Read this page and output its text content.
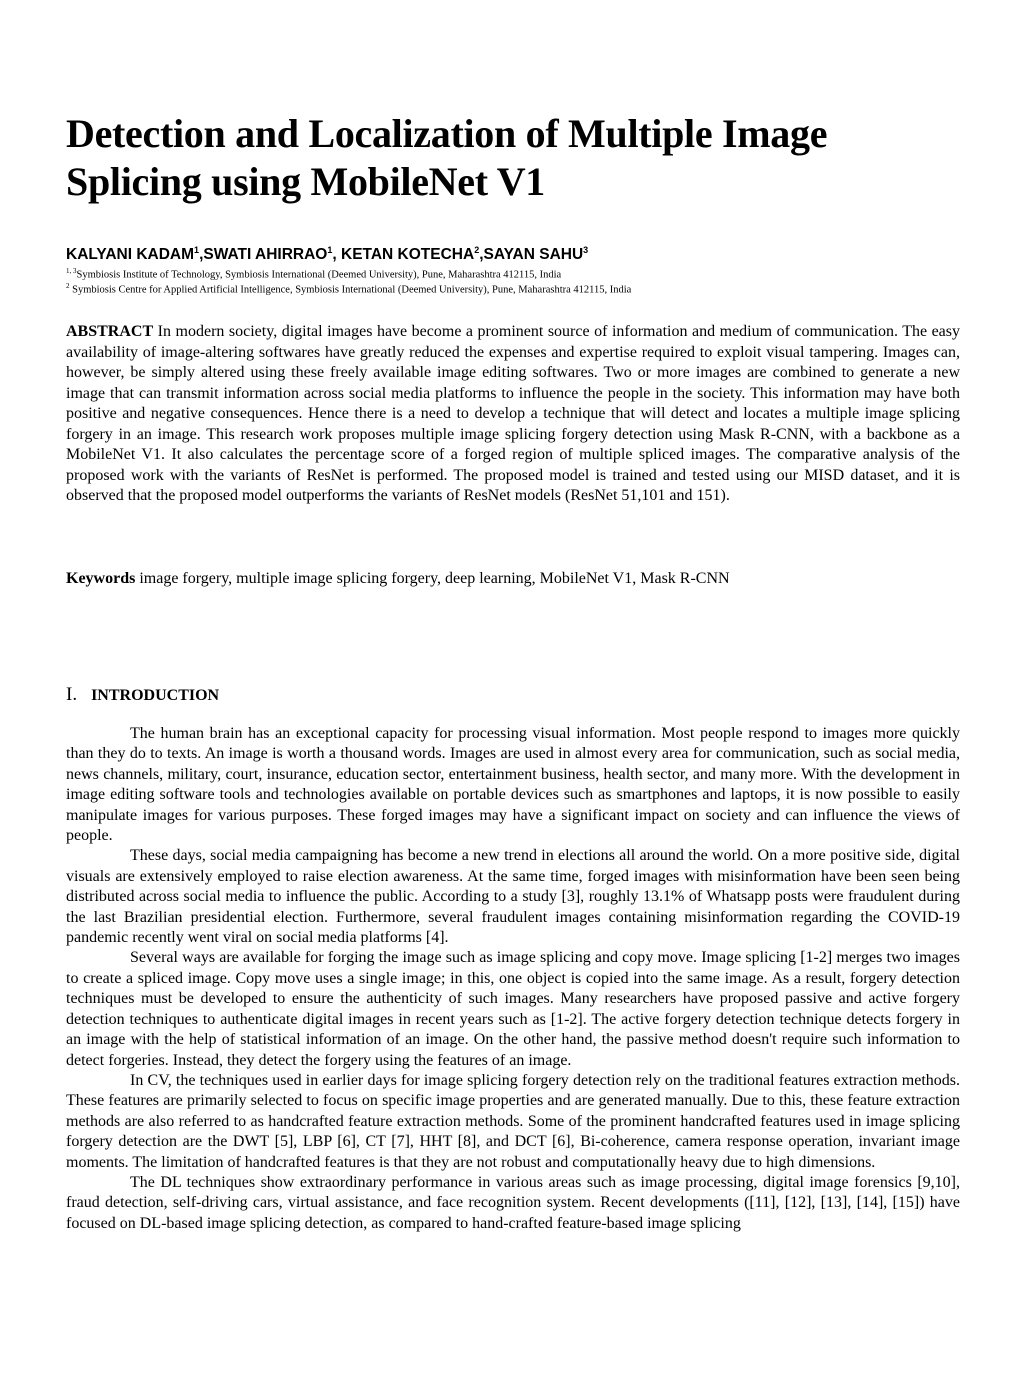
Detection and Localization of Multiple Image Splicing using MobileNet V1
KALYANI KADAM$^1$,SWATI AHIRRAO$^1$, KETAN KOTECHA$^2$,SAYAN SAHU$^3$
$^{1, 3}$Symbiosis Institute of Technology, Symbiosis International (Deemed University), Pune, Maharashtra 412115, India
$^2$ Symbiosis Centre for Applied Artificial Intelligence, Symbiosis International (Deemed University), Pune, Maharashtra 412115, India
ABSTRACT In modern society, digital images have become a prominent source of information and medium of communication. The easy availability of image-altering softwares have greatly reduced the expenses and expertise required to exploit visual tampering. Images can, however, be simply altered using these freely available image editing softwares. Two or more images are combined to generate a new image that can transmit information across social media platforms to influence the people in the society. This information may have both positive and negative consequences. Hence there is a need to develop a technique that will detect and locates a multiple image splicing forgery in an image. This research work proposes multiple image splicing forgery detection using Mask R-CNN, with a backbone as a MobileNet V1. It also calculates the percentage score of a forged region of multiple spliced images. The comparative analysis of the proposed work with the variants of ResNet is performed. The proposed model is trained and tested using our MISD dataset, and it is observed that the proposed model outperforms the variants of ResNet models (ResNet 51,101 and 151).
Keywords image forgery, multiple image splicing forgery, deep learning, MobileNet V1, Mask R-CNN
I. INTRODUCTION

The human brain has an exceptional capacity for processing visual information. Most people respond to images more quickly than they do to texts. An image is worth a thousand words. Images are used in almost every area for communication, such as social media, news channels, military, court, insurance, education sector, entertainment business, health sector, and many more. With the development in image editing software tools and technologies available on portable devices such as smartphones and laptops, it is now possible to easily manipulate images for various purposes. These forged images may have a significant impact on society and can influence the views of people.

These days, social media campaigning has become a new trend in elections all around the world. On a more positive side, digital visuals are extensively employed to raise election awareness. At the same time, forged images with misinformation have been seen being distributed across social media to influence the public. According to a study [3], roughly 13.1% of Whatsapp posts were fraudulent during the last Brazilian presidential election. Furthermore, several fraudulent images containing misinformation regarding the COVID-19 pandemic recently went viral on social media platforms [4].

Several ways are available for forging the image such as image splicing and copy move. Image splicing [1-2] merges two images to create a spliced image. Copy move uses a single image; in this, one object is copied into the same image. As a result, forgery detection techniques must be developed to ensure the authenticity of such images. Many researchers have proposed passive and active forgery detection techniques to authenticate digital images in recent years such as [1-2]. The active forgery detection technique detects forgery in an image with the help of statistical information of an image. On the other hand, the passive method doesn't require such information to detect forgeries. Instead, they detect the forgery using the features of an image.

In CV, the techniques used in earlier days for image splicing forgery detection rely on the traditional features extraction methods. These features are primarily selected to focus on specific image properties and are generated manually. Due to this, these feature extraction methods are also referred to as handcrafted feature extraction methods. Some of the prominent handcrafted features used in image splicing forgery detection are the DWT [5], LBP [6], CT [7], HHT [8], and DCT [6], Bi-coherence, camera response operation, invariant image moments. The limitation of handcrafted features is that they are not robust and computationally heavy due to high dimensions.

The DL techniques show extraordinary performance in various areas such as image processing, digital image forensics [9,10], fraud detection, self-driving cars, virtual assistance, and face recognition system. Recent developments ([11], [12], [13], [14], [15]) have focused on DL-based image splicing detection, as compared to hand-crafted feature-based image splicing
